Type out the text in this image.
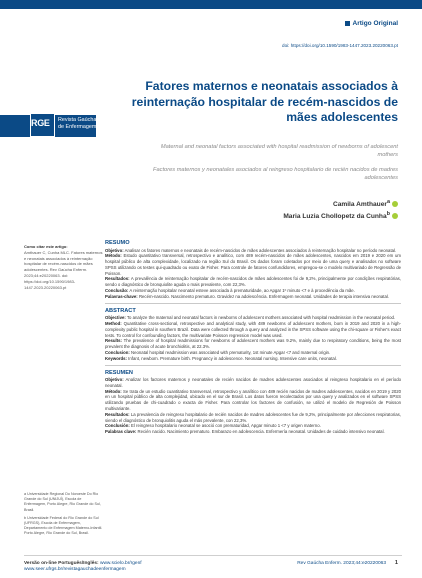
Artigo Original
doi: https://doi.org/10.1590/1983-1447.2023.20220063.pt
Fatores maternos e neonatais associados à reinternação hospitalar de recém-nascidos de mães adolescentes
RGE Revista Gaúcha
de Enfermagem
Maternal and neonatal factors associated with hospital readmission of newborns of adolescent mothers
Factores maternos y neonatales asociados al reingreso hospitalario de recién nacidos de madres adolescentes
Camila Amthauer$^a$
Maria Luzia Chollopetz da Cunha$^b$
Como citar este artigo:
Amthauer C, Cunha MLC. Fatores maternos e neonatais associados à reinternação hospitalar de recém-nascidos de mães adolescentes. Rev Gaúcha Enferm. 2023;44:e20220063. doi: https://doi.org/10.1590/1983-1447.2023.20220063.pt

a Universidade Regional Do Noroeste Do Rio Grande do Sul (UNIJUÍ), Escola de Enfermagem, Porto Alegre, Rio Grande do Sul, Brasil.

b Universidade Federal do Rio Grande do Sul (UFRGS), Escola de Enfermagem, Departamento de Enfermagem Materno-Infantil. Porto Alegre, Rio Grande do Sul, Brasil.

RESUMO

Objetivo: Analisar os fatores maternos e neonatais de recém-nascidos de mães adolescentes associados à reinternação hospitalar no período neonatal.
Método: Estudo quantitativo transversal, retrospectivo e analítico, com 489 recém-nascidos de mães adolescentes, nascidos em 2019 e 2020 em um hospital público de alta complexidade, localizado na região Sul do Brasil. Os dados foram coletados por meio de uma query e analisados no software SPSS utilizando os testes qui-quadrado ou exato de Fisher. Para controle de fatores confundidores, empregou-se o modelo multivariado de Regressão de Poisson.
Resultados: A prevalência de reinternação hospitalar de recém-nascidos de mães adolescentes foi de 9,2%, principalmente por condições respiratórias, sendo o diagnóstico de bronquiolite aguda o mais prevalente, com 22,3%.
Conclusão: A reinternação hospitalar neonatal esteve associada à prematuridade, ao Apgar 1º minuto <7 e à procedência da mãe.
Palavras-chave: Recém-nascido. Nascimento prematuro. Gravidez na adolescência. Enfermagem neonatal. Unidades de terapia intensiva neonatal.

ABSTRACT

Objective: To analyze the maternal and neonatal factors in newborns of adolescent mothers associated with hospital readmission in the neonatal period.
Method: Quantitative cross-sectional, retrospective and analytical study, with 489 newborns of adolescent mothers, born in 2019 and 2020 in a high-complexity public hospital in southern Brazil. Data were collected through a query and analyzed in the SPSS software using the chi-square or Fisher's exact tests. To control for confounding factors, the multivariate Poisson regression model was used.
Results: The prevalence of hospital readmissions for newborns of adolescent mothers was 9.2%, mainly due to respiratory conditions, being the most prevalent the diagnosis of acute bronchiolitis, at 22.3%.
Conclusion: Neonatal hospital readmission was associated with prematurity, 1st minute Apgar <7 and maternal origin.
Keywords: Infant, newborn. Premature birth. Pregnancy in adolescence. Neonatal nursing. Intensive care units, neonatal.

RESUMEN

Objetivo: Analizar los factores maternos y neonatales de recién nacidos de madres adolescentes asociados al reingreso hospitalario en el período neonatal.
Método: Se trata de un estudio cuantitativo transversal, retrospectivo y analítico con 489 recién nacidos de madres adolescentes, nacidos en 2019 y 2020 en un hospital público de alta complejidad, ubicado en el sur de Brasil. Los datos fueron recolectados por una query y analizados en el software SPSS utilizando pruebas de chi-cuadrado o exacta de Fisher. Para controlar los factores de confusión, se utilizó el modelo de Regresión de Poisson multivariante.
Resultados: La prevalencia de reingreso hospitalario de recién nacidos de madres adolescentes fue de 9,2%, principalmente por afecciones respiratorias, siendo el diagnóstico de bronquiolitis aguda el más prevalente, con 22,3%.
Conclusión: El reingreso hospitalario neonatal se asoció con prematuridad, Apgar minuto 1 <7 y origen materno.
Palabras clave: Recién nacido. Nacimiento prematuro. Embarazo en adolescencia. Enfermería neonatal. Unidades de cuidado intensivo neonatal.

Versão on-line Português/Inglês: www.scielo.br/rgenf
www.seer.ufrgs.br/revistagauchadeenfermagem
Rev Gaúcha Enferm. 2023;44:e20220063 1
